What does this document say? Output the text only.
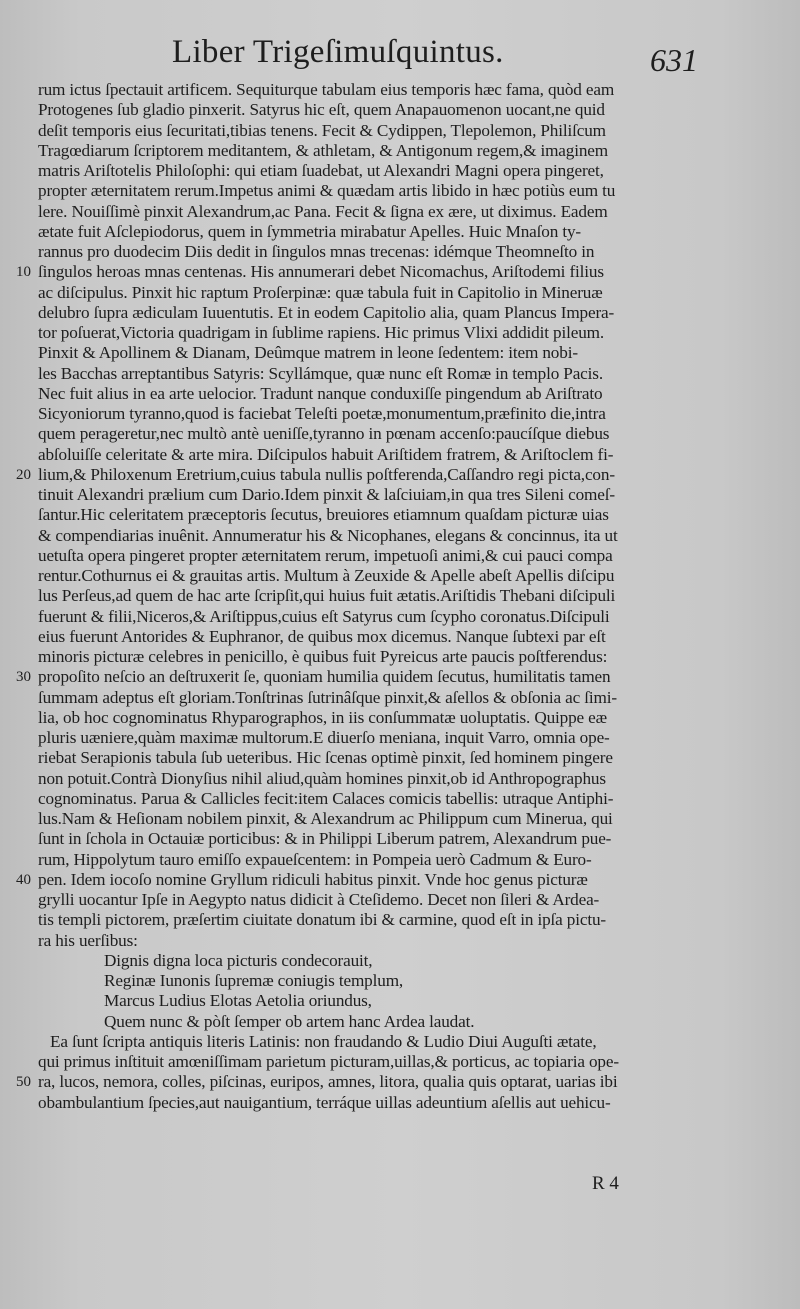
Liber Trigeſimuſquintus.	631
rum ictus ſpectauit artificem. Sequiturque tabulam eius temporis hæc fama, quòd eam
Protogenes ſub gladio pinxerit. Satyrus hic eſt, quem Anapauomenon uocant,ne quid
deſit temporis eius ſecuritati,tibias tenens. Fecit & Cydippen, Tlepolemon, Philiſcum
Tragœdiarum ſcriptorem meditantem, & athletam, & Antigonum regem,& imaginem
matris Ariſtotelis Philoſophi: qui etiam ſuadebat, ut Alexandri Magni opera pingeret,
propter æternitatem rerum.Impetus animi & quædam artis libido in hæc potiùs eum tu
lere. Nouiſſimè pinxit Alexandrum,ac Pana. Fecit & ſigna ex ære, ut diximus. Eadem
ætate fuit Aſclepiodorus, quem in ſymmetria mirabatur Apelles. Huic Mnaſon ty-
rannus pro duodecim Diis dedit in ſingulos mnas trecenas: idémque Theomneſto in
ſingulos heroas mnas centenas. His annumerari debet Nicomachus, Ariſtodemi filius
ac diſcipulus. Pinxit hic raptum Proſerpinæ: quæ tabula fuit in Capitolio in Mineruæ
delubro ſupra ædiculam Iuuentutis. Et in eodem Capitolio alia, quam Plancus Impera-
tor poſuerat,Victoria quadrigam in ſublime rapiens. Hic primus Vlixi addidit pileum.
Pinxit & Apollinem & Dianam, Deûmque matrem in leone ſedentem: item nobi-
les Bacchas arreptantibus Satyris: Scyllámque, quæ nunc eſt Romæ in templo Pacis.
Nec fuit alius in ea arte uelocior. Tradunt nanque conduxiſſe pingendum ab Ariſtrato
Sicyoniorum tyranno,quod is faciebat Teleſti poetæ,monumentum,præfinito die,intra
quem perageretur,nec multò antè ueniſſe,tyranno in pœnam accenſo:paucíſque diebus
abſoluiſſe celeritate & arte mira. Diſcipulos habuit Ariſtidem fratrem, & Ariſtoclem fi-
lium,& Philoxenum Eretrium,cuius tabula nullis poſtferenda,Caſſandro regi picta,con-
tinuit Alexandri prælium cum Dario.Idem pinxit & laſciuiam,in qua tres Sileni comeſ-
ſantur.Hic celeritatem præceptoris ſecutus, breuiores etiamnum quaſdam picturæ uias
& compendiarias inuênit. Annumeratur his & Nicophanes, elegans & concinnus, ita ut
uetuſta opera pingeret propter æternitatem rerum, impetuoſi animi,& cui pauci compa
rentur.Cothurnus ei & grauitas artis. Multum à Zeuxide & Apelle abeſt Apellis diſcipu
lus Perſeus,ad quem de hac arte ſcripſit,qui huius fuit ætatis.Ariſtidis Thebani diſcipuli
fuerunt & filii,Niceros,& Ariſtippus,cuius eſt Satyrus cum ſcypho coronatus.Diſcipuli
eius fuerunt Antorides & Euphranor, de quibus mox dicemus. Nanque ſubtexi par eſt
minoris picturæ celebres in penicillo, è quibus fuit Pyreicus arte paucis poſtferendus:
propoſito neſcio an deſtruxerit ſe, quoniam humilia quidem ſecutus, humilitatis tamen
ſummam adeptus eſt gloriam.Tonſtrinas ſutrinâſque pinxit,& aſellos & obſonia ac ſimi-
lia, ob hoc cognominatus Rhyparographos, in iis conſummatæ uoluptatis. Quippe eæ
pluris uæniere,quàm maximæ multorum.E diuerſo meniana, inquit Varro, omnia ope-
riebat Serapionis tabula ſub ueteribus. Hic ſcenas optimè pinxit, ſed hominem pingere
non potuit.Contrà Dionyſius nihil aliud,quàm homines pinxit,ob id Anthropographus
cognominatus. Parua & Callicles fecit:item Calaces comicis tabellis: utraque Antiphi-
lus.Nam & Heſionam nobilem pinxit, & Alexandrum ac Philippum cum Minerua, qui
ſunt in ſchola in Octauiæ porticibus: & in Philippi Liberum patrem, Alexandrum pue-
rum, Hippolytum tauro emiſſo expaueſcentem: in Pompeia uerò Cadmum & Euro-
pen. Idem iocoſo nomine Gryllum ridiculi habitus pinxit. Vnde hoc genus picturæ
grylli uocantur Ipſe in Aegypto natus didicit à Cteſidemo. Decet non ſileri & Ardea-
tis templi pictorem, præſertim ciuitate donatum ibi & carmine, quod eſt in ipſa pictu-
ra his uerſibus:
Dignis digna loca picturis condecorauit,
Reginæ Iunonis ſupremæ coniugis templum,
Marcus Ludius Elotas Aetolia oriundus,
Quem nunc & pòſt ſemper ob artem hanc Ardea laudat.
Ea ſunt ſcripta antiquis literis Latinis: non fraudando & Ludio Diui Auguſti ætate,
qui primus inſtituit amœniſſimam parietum picturam,uillas,& porticus, ac topiaria ope-
ra, lucos, nemora, colles, piſcinas, euripos, amnes, litora, qualia quis optarat, uarias ibi
obambulantium ſpecies,aut nauigantium, terráque uillas adeuntium aſellis aut uehicu-
10
20
30
40
50
R 4
